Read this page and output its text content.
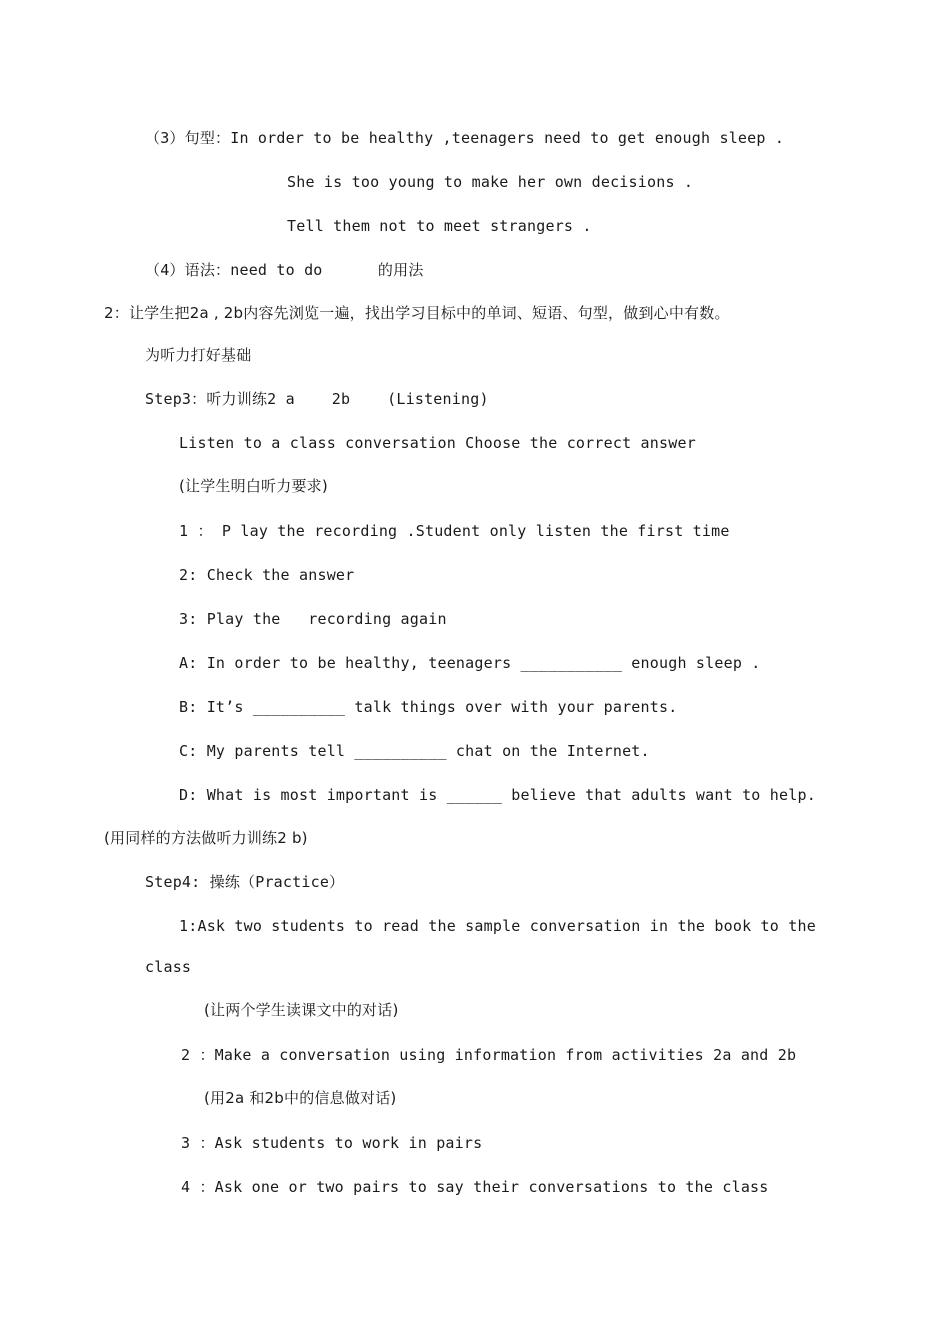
（3）句型：In order to be healthy ,teenagers need to get enough sleep .
She is too young to make her own decisions .
Tell them not to meet strangers .
（4）语法：need to do      的用法
2：让学生把2a , 2b内容先浏览一遍，找出学习目标中的单词、短语、句型，做到心中有数。
为听力打好基础
Step3：听力训练2 a    2b    (Listening)
Listen to a class conversation Choose the correct answer
(让学生明白听力要求)
1 ： P lay the recording .Student only listen the first time
2: Check the answer
3: Play the   recording again
A: In order to be healthy, teenagers ___________ enough sleep .
B: It’s __________ talk things over with your parents.
C: My parents tell __________ chat on the Internet.
D: What is most important is ______ believe that adults want to help.
(用同样的方法做听力训练2 b)
Step4: 操练（Practice）
1:Ask two students to read the sample conversation in the book to the
class
(让两个学生读课文中的对话)
2 ：Make a conversation using information from activities 2a and 2b
(用2a 和2b中的信息做对话)
3 ：Ask students to work in pairs
4 ：Ask one or two pairs to say their conversations to the class
